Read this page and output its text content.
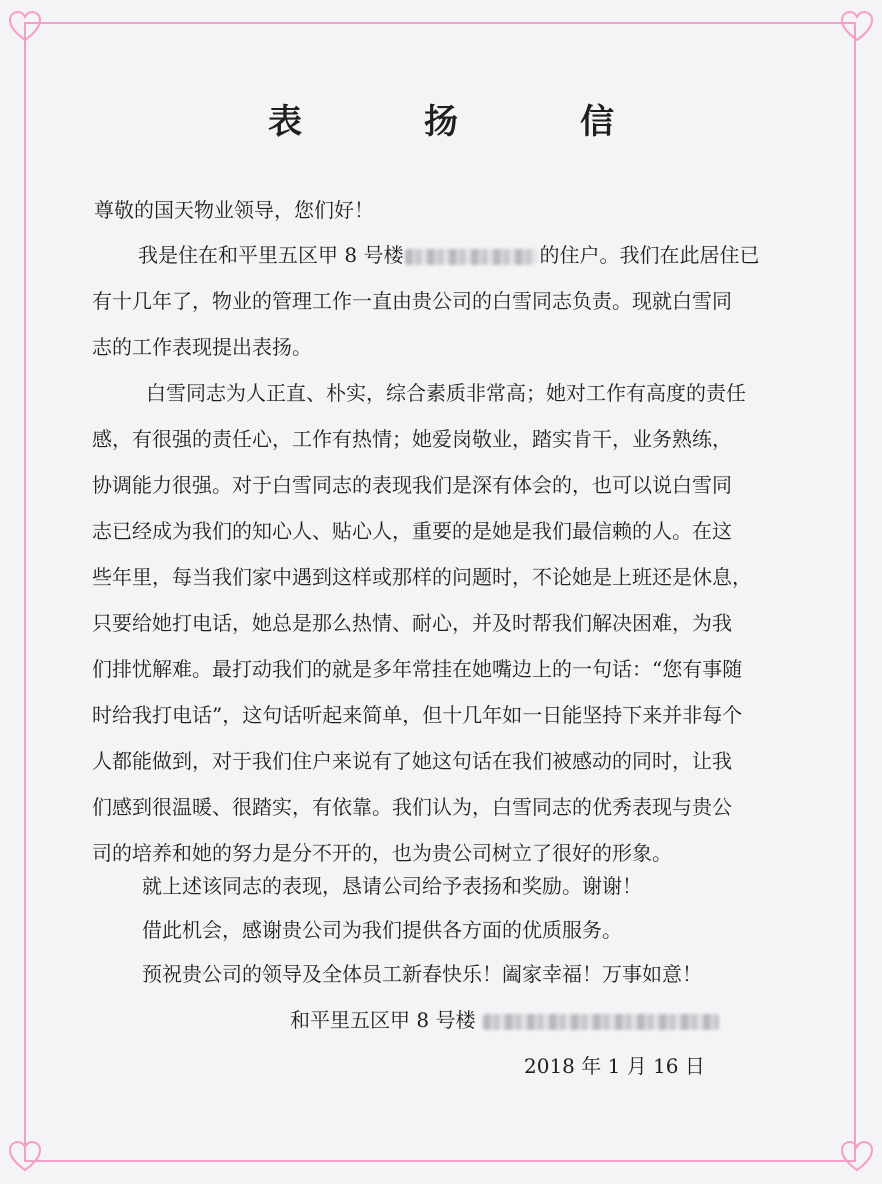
表　扬　信
尊敬的国天物业领导，您们好！
我是住在和平里五区甲 8 号楼	的住户。我们在此居住已
有十几年了，物业的管理工作一直由贵公司的白雪同志负责。现就白雪同
志的工作表现提出表扬。
白雪同志为人正直、朴实，综合素质非常高；她对工作有高度的责任
感，有很强的责任心，工作有热情；她爱岗敬业，踏实肯干，业务熟练，
协调能力很强。对于白雪同志的表现我们是深有体会的，也可以说白雪同
志已经成为我们的知心人、贴心人，重要的是她是我们最信赖的人。在这
些年里，每当我们家中遇到这样或那样的问题时，不论她是上班还是休息，
只要给她打电话，她总是那么热情、耐心，并及时帮我们解决困难，为我
们排忧解难。最打动我们的就是多年常挂在她嘴边上的一句话：“您有事随
时给我打电话”，这句话听起来简单，但十几年如一日能坚持下来并非每个
人都能做到，对于我们住户来说有了她这句话在我们被感动的同时，让我
们感到很温暖、很踏实，有依靠。我们认为，白雪同志的优秀表现与贵公
司的培养和她的努力是分不开的，也为贵公司树立了很好的形象。
就上述该同志的表现，恳请公司给予表扬和奖励。谢谢！
借此机会，感谢贵公司为我们提供各方面的优质服务。
预祝贵公司的领导及全体员工新春快乐！阖家幸福！万事如意！
和平里五区甲 8 号楼
2018 年 1 月 16 日
